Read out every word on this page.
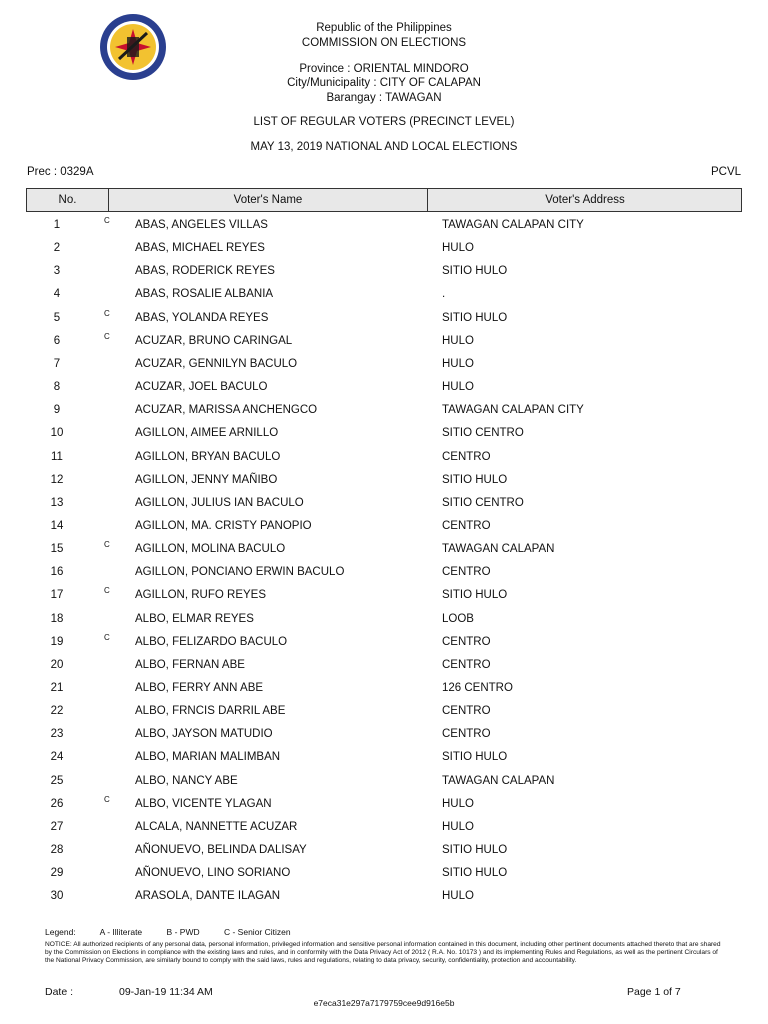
Republic of the Philippines
COMMISSION ON ELECTIONS
Province : ORIENTAL MINDORO
City/Municipality : CITY OF CALAPAN
Barangay : TAWAGAN
LIST OF REGULAR VOTERS (PRECINCT LEVEL)
MAY 13, 2019 NATIONAL AND LOCAL ELECTIONS
Prec : 0329A	PCVL
No.	Voter's Name	Voter's Address
1	C ABAS, ANGELES VILLAS	TAWAGAN CALAPAN CITY
2	ABAS, MICHAEL REYES	HULO
3	ABAS, RODERICK REYES	SITIO HULO
4	ABAS, ROSALIE ALBANIA	.
5	C ABAS, YOLANDA REYES	SITIO HULO
6	C ACUZAR, BRUNO CARINGAL	HULO
7	ACUZAR, GENNILYN BACULO	HULO
8	ACUZAR, JOEL BACULO	HULO
9	ACUZAR, MARISSA ANCHENGCO	TAWAGAN CALAPAN CITY
10	AGILLON, AIMEE ARNILLO	SITIO CENTRO
11	AGILLON, BRYAN BACULO	CENTRO
12	AGILLON, JENNY MAÑIBO	SITIO HULO
13	AGILLON, JULIUS IAN BACULO	SITIO CENTRO
14	AGILLON, MA. CRISTY PANOPIO	CENTRO
15	C AGILLON, MOLINA BACULO	TAWAGAN CALAPAN
16	AGILLON, PONCIANO ERWIN BACULO	CENTRO
17	C AGILLON, RUFO REYES	SITIO HULO
18	ALBO, ELMAR REYES	LOOB
19	C ALBO, FELIZARDO BACULO	CENTRO
20	ALBO, FERNAN ABE	CENTRO
21	ALBO, FERRY ANN ABE	126 CENTRO
22	ALBO, FRNCIS DARRIL ABE	CENTRO
23	ALBO, JAYSON MATUDIO	CENTRO
24	ALBO, MARIAN MALIMBAN	SITIO HULO
25	ALBO, NANCY ABE	TAWAGAN CALAPAN
26	C ALBO, VICENTE YLAGAN	HULO
27	ALCALA, NANNETTE ACUZAR	HULO
28	AÑONUEVO, BELINDA DALISAY	SITIO HULO
29	AÑONUEVO, LINO SORIANO	SITIO HULO
30	ARASOLA, DANTE ILAGAN	HULO
Legend:	A - Illiterate	B - PWD	C - Senior Citizen
NOTICE: All authorized recipients of any personal data, personal information, privileged information and sensitive personal information contained in this document, including other pertinent documents attached thereto that are shared by the Commission on Elections in compliance with the existing laws and rules, and in conformity with the Data Privacy Act of 2012 ( R.A. No. 10173 ) and its implementing Rules and Regulations, as well as the pertinent Circulars of the National Privacy Commission, are similarly bound to comply with the said laws, rules and regulations, relating to data privacy, security, confidentiality, protection and accountability.
Date :	09-Jan-19 11:34 AM	Page 1 of 7
e7eca31e297a7179759cee9d916e5b
